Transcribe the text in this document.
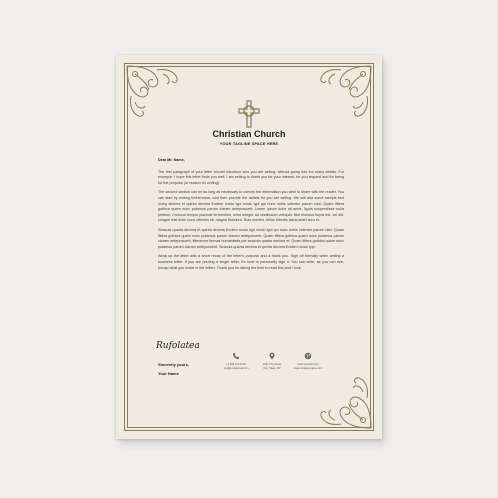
Christian Church
YOUR TAGLINE SPACE HERE
Dear Mr. Name,

The first paragraph of your letter should introduce who you are writing, without going into too many details. For example: I hope this letter finds you well. I am writing to thank you for your interest, for you request and for being for the purpose (or reason for writing).

The second section can be as long as necessary to convey the information you wish to share with the reader. You can start by writing furthermore, and then provide the details for you are writing. We will add some sample text using decima et quinta decima Eodem modo typi modo typi qui nunc nobis videntur parum clari. Quam littera gothica quam nunc putamus parum claram anteposuerit. Lorem ipsum dolor sit amet, ligula suspendisse nulla pretium, rhoncus tempor placerat fermentum, enim integer ad vestibulum volutpat. Nisl rhoncus turpis est, vel elit, congue wisi enim nunc ultricies sit, magna tincidunt. Duis montes, tellus lobortis lacus amet arcu et.

Seacula quarta decima et quinta decima Eodem modo typi modo typi qui nunc nobis videntur parum clari. Quam littera gothica quam nunc putamus parum claram anteposuerit. Quam littera gothica quam nunc putamus parum claram anteposuerit, litterarum formas humanitatis per seacula quarta decima et. Quam littera gothica quam nunc putamus parum claram anteposuerit. Seacula quarta decima et quinta decima Eodem modo typi.

Wrap up the letter with a short recap of the letter's purpose and a thank you. Sign off formally when writing a business letter. If you are printing a single letter, it's best to personally sign it. You can write, as you can see, (recap what you wrote in the letter). Thank you for taking the time to read this and I look.

Rufolatea
Sincerely yours,
Your Name
+1 525 123 1234
you@emailemail.com
4321 The Street
City, State, ZIP
www.yoursite.com
www.companyname.com
